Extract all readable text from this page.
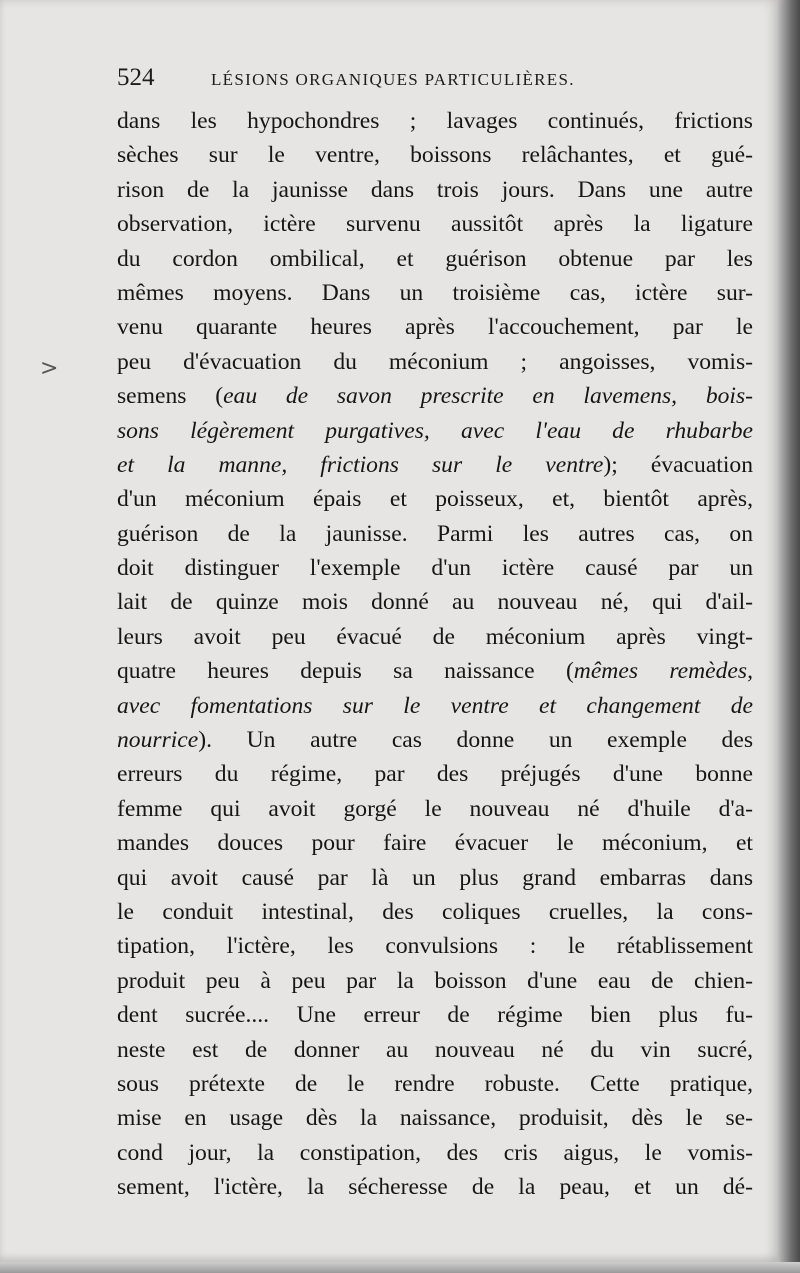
524	LÉSIONS ORGANIQUES PARTICULIÈRES.
>
dans les hypochondres ; lavages continués, frictions
sèches sur le ventre, boissons relâchantes, et gué-
rison de la jaunisse dans trois jours. Dans une autre
observation, ictère survenu aussitôt après la ligature
du cordon ombilical, et guérison obtenue par les
mêmes moyens. Dans un troisième cas, ictère sur-
venu quarante heures après l'accouchement, par le
peu d'évacuation du méconium ; angoisses, vomis-
semens (eau de savon prescrite en lavemens, bois-
sons légèrement purgatives, avec l'eau de rhubarbe
et la manne, frictions sur le ventre); évacuation
d'un méconium épais et poisseux, et, bientôt après,
guérison de la jaunisse. Parmi les autres cas, on
doit distinguer l'exemple d'un ictère causé par un
lait de quinze mois donné au nouveau né, qui d'ail-
leurs avoit peu évacué de méconium après vingt-
quatre heures depuis sa naissance (mêmes remèdes,
avec fomentations sur le ventre et changement de
nourrice). Un autre cas donne un exemple des
erreurs du régime, par des préjugés d'une bonne
femme qui avoit gorgé le nouveau né d'huile d'a-
mandes douces pour faire évacuer le méconium, et
qui avoit causé par là un plus grand embarras dans
le conduit intestinal, des coliques cruelles, la cons-
tipation, l'ictère, les convulsions : le rétablissement
produit peu à peu par la boisson d'une eau de chien-
dent sucrée.... Une erreur de régime bien plus fu-
neste est de donner au nouveau né du vin sucré,
sous prétexte de le rendre robuste. Cette pratique,
mise en usage dès la naissance, produisit, dès le se-
cond jour, la constipation, des cris aigus, le vomis-
sement, l'ictère, la sécheresse de la peau, et un dé-
